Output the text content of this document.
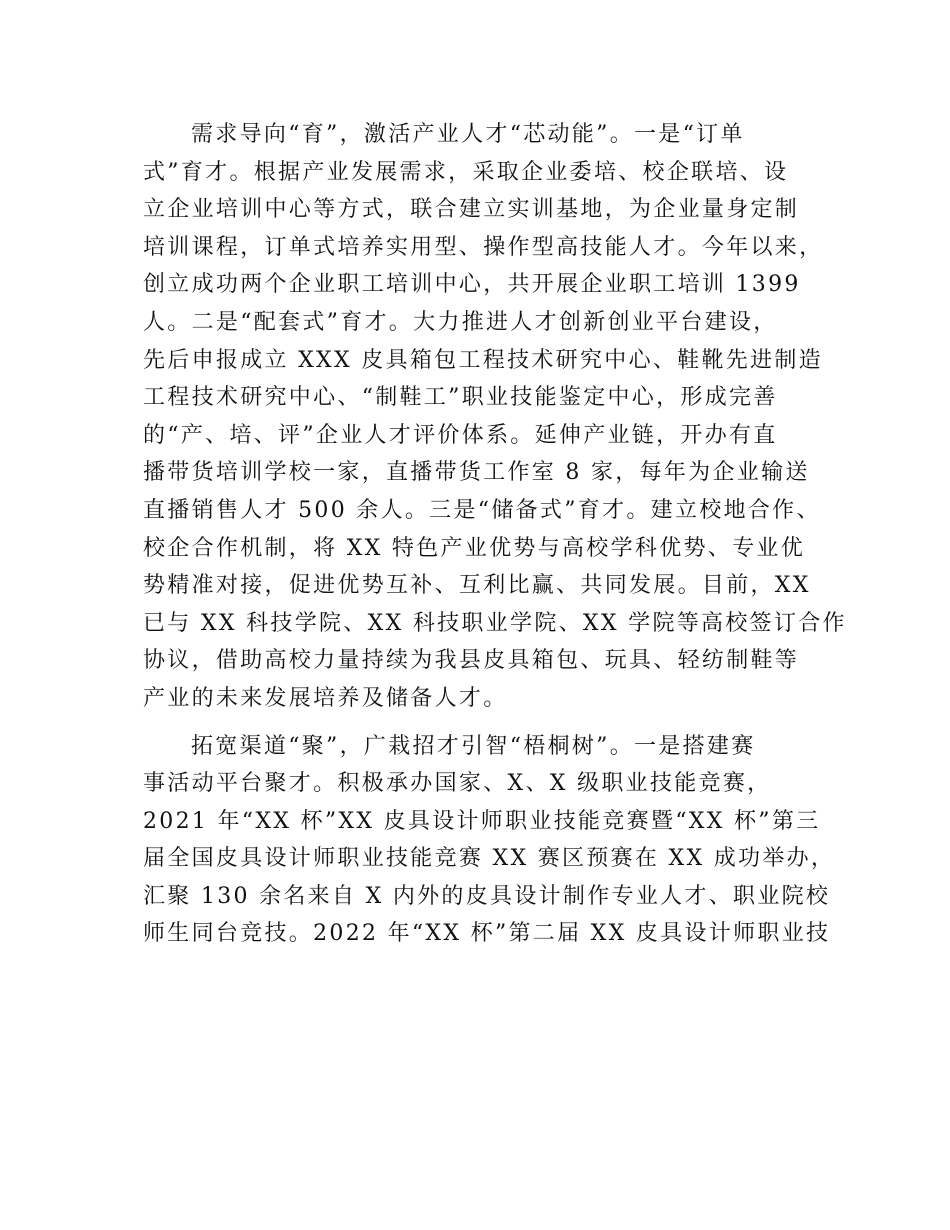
需求导向“育”，激活产业人才“芯动能”。一是“订单
式”育才。根据产业发展需求，采取企业委培、校企联培、设
立企业培训中心等方式，联合建立实训基地，为企业量身定制
培训课程，订单式培养实用型、操作型高技能人才。今年以来，
创立成功两个企业职工培训中心，共开展企业职工培训 1399
人。二是“配套式”育才。大力推进人才创新创业平台建设，
先后申报成立 XXX 皮具箱包工程技术研究中心、鞋靴先进制造
工程技术研究中心、“制鞋工”职业技能鉴定中心，形成完善
的“产、培、评”企业人才评价体系。延伸产业链，开办有直
播带货培训学校一家，直播带货工作室 8 家，每年为企业输送
直播销售人才 500 余人。三是“储备式”育才。建立校地合作、
校企合作机制，将 XX 特色产业优势与高校学科优势、专业优
势精准对接，促进优势互补、互利比赢、共同发展。目前，XX
已与 XX 科技学院、XX 科技职业学院、XX 学院等高校签订合作
协议，借助高校力量持续为我县皮具箱包、玩具、轻纺制鞋等
产业的未来发展培养及储备人才。
拓宽渠道“聚”，广栽招才引智“梧桐树”。一是搭建赛
事活动平台聚才。积极承办国家、X、X 级职业技能竞赛，
2021 年“XX 杯”XX 皮具设计师职业技能竞赛暨“XX 杯”第三
届全国皮具设计师职业技能竞赛 XX 赛区预赛在 XX 成功举办，
汇聚 130 余名来自 X 内外的皮具设计制作专业人才、职业院校
师生同台竞技。2022 年“XX 杯”第二届 XX 皮具设计师职业技
